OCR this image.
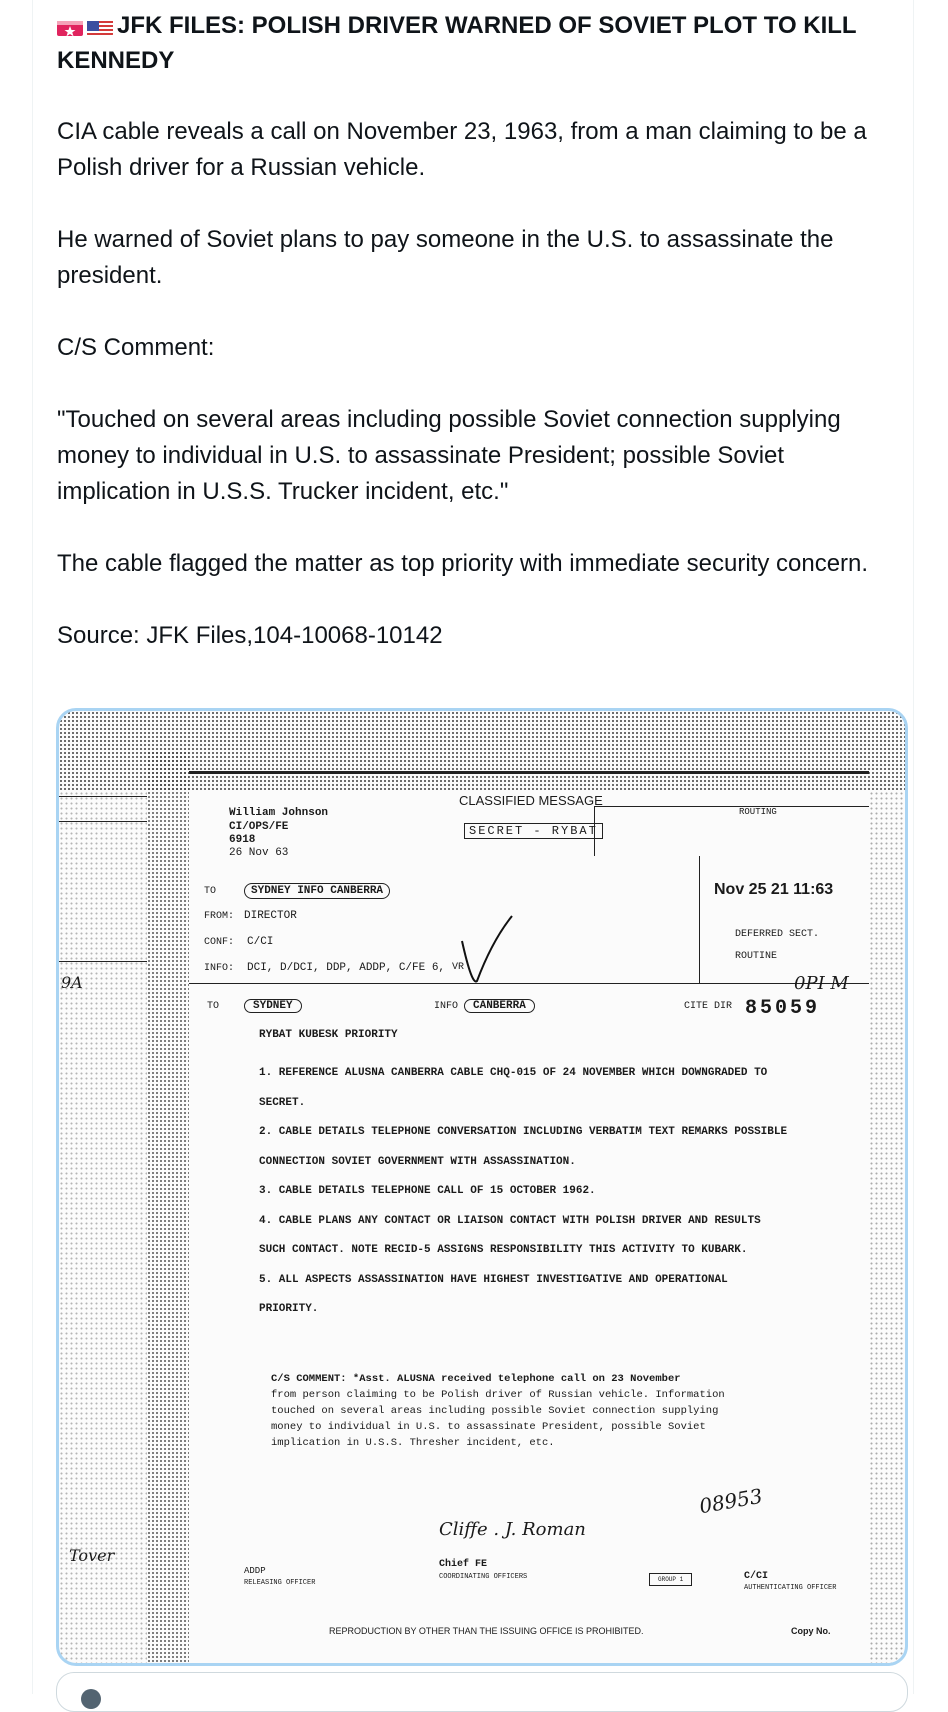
JFK FILES: POLISH DRIVER WARNED OF SOVIET PLOT TO KILL KENNEDY

CIA cable reveals a call on November 23, 1963, from a man claiming to be a Polish driver for a Russian vehicle.

He warned of Soviet plans to pay someone in the U.S. to assassinate the president.

C/S Comment:

"Touched on several areas including possible Soviet connection supplying money to individual in U.S. to assassinate President; possible Soviet implication in U.S.S. Trucker incident, etc."

The cable flagged the matter as top priority with immediate security concern.

Source: JFK Files,104-10068-10142

CLASSIFIED MESSAGE
William Johnson
CI/OPS/FE
6918
26 Nov 63
SECRET - RYBAT
ROUTING
TO	SYDNEY INFO CANBERRA
FROM: DIRECTOR
CONF: C/CI
INFO: DCI, D/DCI, DDP, ADDP, C/FE 6, VR
Nov 25 21 11:63
DEFERRED SECT.
ROUTINE
0PI M
TO	SYDNEY	INFO	CANBERRA	CITE DIR 85059
RYBAT KUBESK PRIORITY
1. REFERENCE ALUSNA CANBERRA CABLE CHQ-015 OF 24 NOVEMBER WHICH DOWNGRADED TO
SECRET.
2. CABLE DETAILS TELEPHONE CONVERSATION INCLUDING VERBATIM TEXT REMARKS POSSIBLE
CONNECTION SOVIET GOVERNMENT WITH ASSASSINATION.
3. CABLE DETAILS TELEPHONE CALL OF 15 OCTOBER 1962.
4. CABLE PLANS ANY CONTACT OR LIAISON CONTACT WITH POLISH DRIVER AND RESULTS
SUCH CONTACT. NOTE RECID-5 ASSIGNS RESPONSIBILITY THIS ACTIVITY TO KUBARK.
5. ALL ASPECTS ASSASSINATION HAVE HIGHEST INVESTIGATIVE AND OPERATIONAL
PRIORITY.
C/S COMMENT: *Asst. ALUSNA received telephone call on 23 November
from person claiming to be Polish driver of Russian vehicle. Information
touched on several areas including possible Soviet connection supplying
money to individual in U.S. to assassinate President, possible Soviet
implication in U.S.S. Thresher incident, etc.
08953
Cliffe . J. Roman
Chief FE
COORDINATING OFFICERS
ADDP
RELEASING OFFICER
C/CI
AUTHENTICATING OFFICER
GROUP 1
REPRODUCTION BY OTHER THAN THE ISSUING OFFICE IS PROHIBITED.	Copy No.
9A
Tover
